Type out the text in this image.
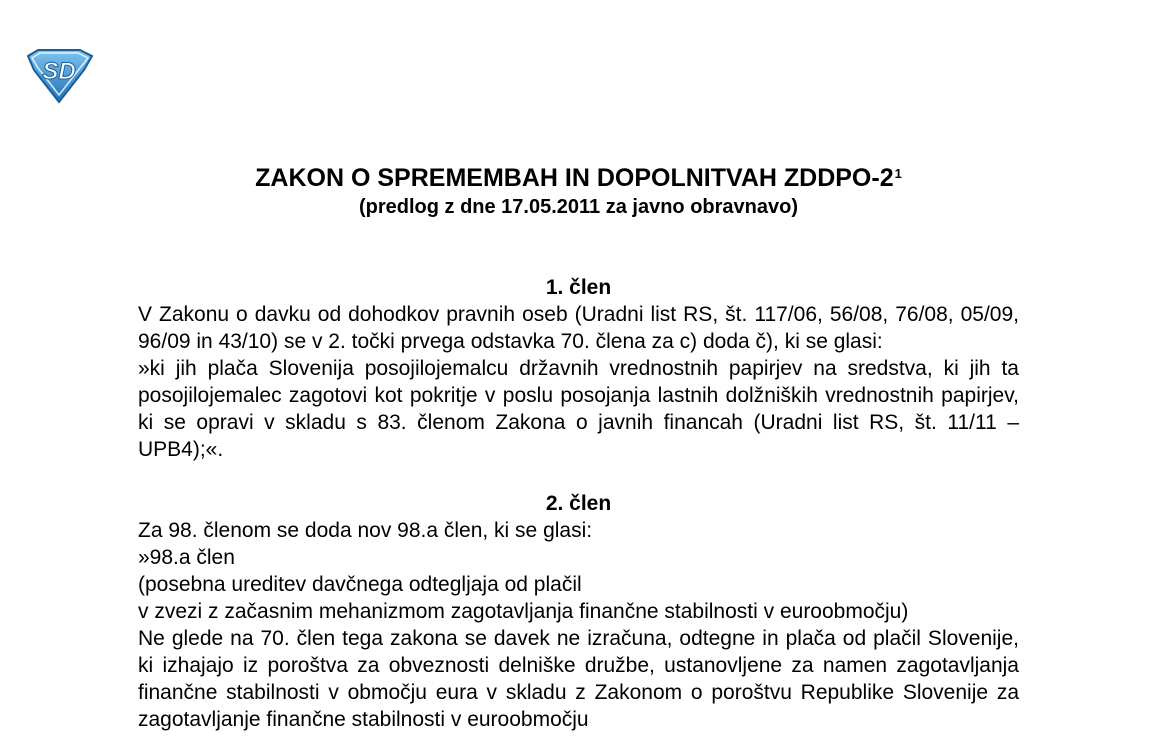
SD

ZAKON O SPREMEMBAH IN DOPOLNITVAH ZDDPO-$2^1$

(predlog z dne 17.05.2011 za javno obravnavo)

1. člen

V Zakonu o davku od dohodkov pravnih oseb (Uradni list RS, št. 117/06, 56/08, 76/08, 05/09, 96/09 in 43/10) se v 2. točki prvega odstavka 70. člena za c) doda č), ki se glasi:

»ki jih plača Slovenija posojilojemalcu državnih vrednostnih papirjev na sredstva, ki jih ta posojilojemalec zagotovi kot pokritje v poslu posojanja lastnih dolžniških vrednostnih papirjev, ki se opravi v skladu s 83. členom Zakona o javnih financah (Uradni list RS, št. 11/11 – UPB4);«.

2. člen

Za 98. členom se doda nov 98.a člen, ki se glasi:

»98.a člen

(posebna ureditev davčnega odtegljaja od plačil

v zvezi z začasnim mehanizmom zagotavljanja finančne stabilnosti v euroobmočju)

Ne glede na 70. člen tega zakona se davek ne izračuna, odtegne in plača od plačil Slovenije, ki izhajajo iz poroštva za obveznosti delniške družbe, ustanovljene za namen zagotavljanja finančne stabilnosti v območju eura v skladu z Zakonom o poroštvu Republike Slovenije za zagotavljanje finančne stabilnosti v euroobmočju
